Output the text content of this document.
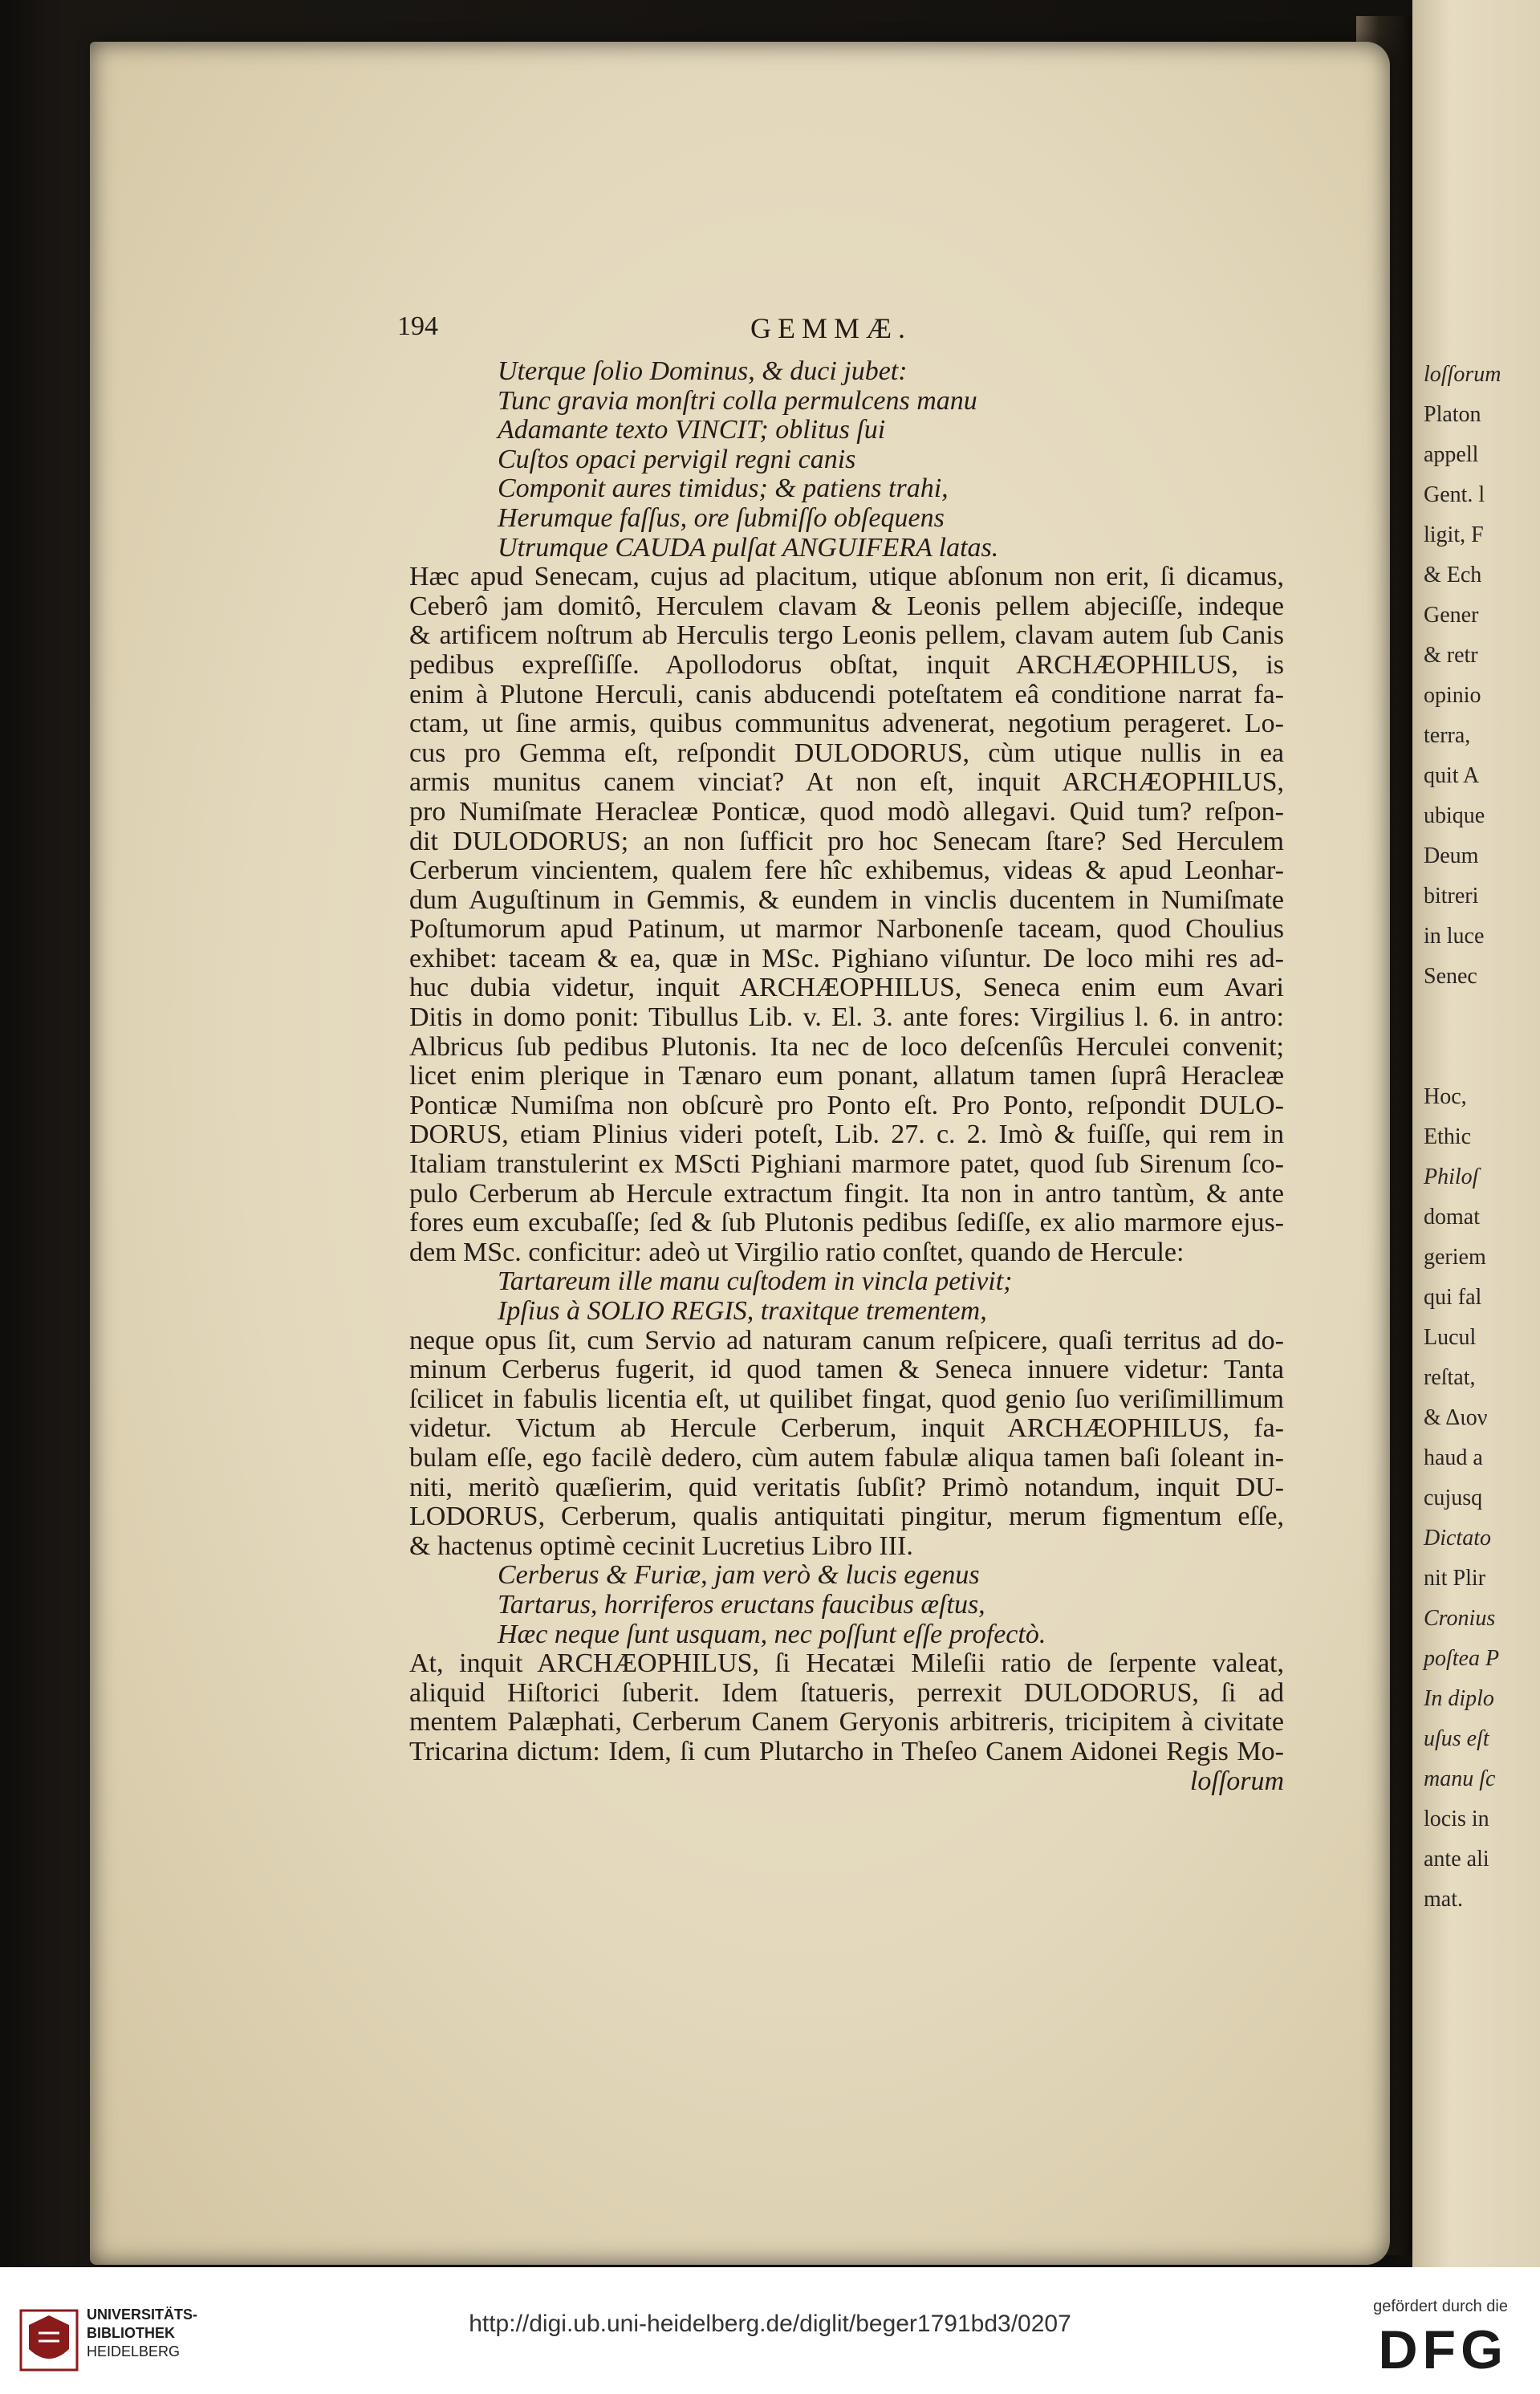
loſſorum
Platon
appell
Gent. l
ligit, F
& Ech
Gener
& retr
opinio
terra,
quit A
ubique
Deum
bitreri
in luce
Senec
Hoc,
Ethic
Philoſ
domat
geriem
qui fal
Lucul
reſtat,
& Διον
haud a
cujusq
Dictato
nit Plir
Cronius
poſtea P
In diplo
uſus eſt
manu ſc
locis in
ante ali
mat.
194	GEMMÆ.
Uterque ſolio Dominus, & duci jubet:
Tunc gravia monſtri colla permulcens manu
Adamante texto VINCIT; oblitus ſui
Cuſtos opaci pervigil regni canis
Componit aures timidus; & patiens trahi,
Herumque faſſus, ore ſubmiſſo obſequens
Utrumque CAUDA pulſat ANGUIFERA latas.
Hæc apud Senecam, cujus ad placitum, utique abſonum non erit, ſi dicamus,
Ceberô jam domitô, Herculem clavam & Leonis pellem abjeciſſe, indeque
& artificem noſtrum ab Herculis tergo Leonis pellem, clavam autem ſub Canis
pedibus expreſſiſſe. Apollodorus obſtat, inquit ARCHÆOPHILUS, is
enim à Plutone Herculi, canis abducendi poteſtatem eâ conditione narrat fa-
ctam, ut ſine armis, quibus communitus advenerat, negotium perageret. Lo-
cus pro Gemma eſt, reſpondit DULODORUS, cùm utique nullis in ea
armis munitus canem vinciat? At non eſt, inquit ARCHÆOPHILUS,
pro Numiſmate Heracleæ Ponticæ, quod modò allegavi. Quid tum? reſpon-
dit DULODORUS; an non ſufficit pro hoc Senecam ſtare? Sed Herculem
Cerberum vincientem, qualem fere hîc exhibemus, videas & apud Leonhar-
dum Auguſtinum in Gemmis, & eundem in vinclis ducentem in Numiſmate
Poſtumorum apud Patinum, ut marmor Narbonenſe taceam, quod Choulius
exhibet: taceam & ea, quæ in MSc. Pighiano viſuntur. De loco mihi res ad-
huc dubia videtur, inquit ARCHÆOPHILUS, Seneca enim eum Avari
Ditis in domo ponit: Tibullus Lib. v. El. 3. ante fores: Virgilius l. 6. in antro:
Albricus ſub pedibus Plutonis. Ita nec de loco deſcenſûs Herculei convenit;
licet enim plerique in Tænaro eum ponant, allatum tamen ſuprâ Heracleæ
Ponticæ Numiſma non obſcurè pro Ponto eſt. Pro Ponto, reſpondit DULO-
DORUS, etiam Plinius videri poteſt, Lib. 27. c. 2. Imò & fuiſſe, qui rem in
Italiam transtulerint ex MScti Pighiani marmore patet, quod ſub Sirenum ſco-
pulo Cerberum ab Hercule extractum fingit. Ita non in antro tantùm, & ante
fores eum excubaſſe; ſed & ſub Plutonis pedibus ſediſſe, ex alio marmore ejus-
dem MSc. conficitur: adeò ut Virgilio ratio conſtet, quando de Hercule:
Tartareum ille manu cuſtodem in vincla petivit;
Ipſius à SOLIO REGIS, traxitque trementem,
neque opus ſit, cum Servio ad naturam canum reſpicere, quaſi territus ad do-
minum Cerberus fugerit, id quod tamen & Seneca innuere videtur: Tanta
ſcilicet in fabulis licentia eſt, ut quilibet fingat, quod genio ſuo veriſimillimum
videtur. Victum ab Hercule Cerberum, inquit ARCHÆOPHILUS, fa-
bulam eſſe, ego facilè dedero, cùm autem fabulæ aliqua tamen baſi ſoleant in-
niti, meritò quæſierim, quid veritatis ſubſit? Primò notandum, inquit DU-
LODORUS, Cerberum, qualis antiquitati pingitur, merum figmentum eſſe,
& hactenus optimè cecinit Lucretius Libro III.
Cerberus & Furiæ, jam verò & lucis egenus
Tartarus, horriferos eructans faucibus æſtus,
Hæc neque ſunt usquam, nec poſſunt eſſe profectò.
At, inquit ARCHÆOPHILUS, ſi Hecatæi Mileſii ratio de ſerpente valeat,
aliquid Hiſtorici ſuberit. Idem ſtatueris, perrexit DULODORUS, ſi ad
mentem Palæphati, Cerberum Canem Geryonis arbitreris, tricipitem à civitate
Tricarina dictum: Idem, ſi cum Plutarcho in Theſeo Canem Aidonei Regis Mo-
loſſorum
UNIVERSITÄTS-
BIBLIOTHEK
HEIDELBERG
http://digi.ub.uni-heidelberg.de/diglit/beger1791bd3/0207
gefördert durch die
DFG
